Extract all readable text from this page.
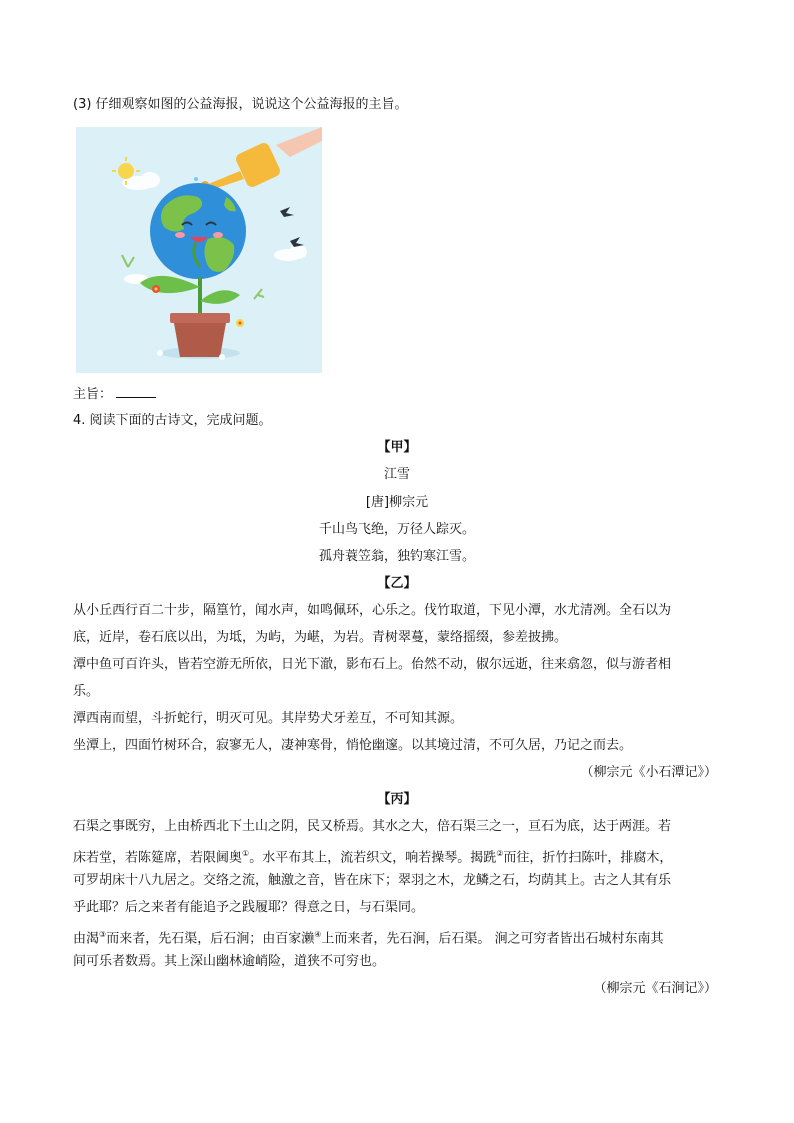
(3) 仔细观察如图的公益海报，说说这个公益海报的主旨。
主旨：
4. 阅读下面的古诗文，完成问题。
【甲】
江雪
[唐]柳宗元
千山鸟飞绝，万径人踪灭。
孤舟蓑笠翁，独钓寒江雪。
【乙】
从小丘西行百二十步，隔篁竹，闻水声，如鸣佩环，心乐之。伐竹取道，下见小潭，水尤清冽。全石以为
底，近岸，卷石底以出，为坻，为屿，为嵁，为岩。青树翠蔓，蒙络摇缀，参差披拂。
潭中鱼可百许头，皆若空游无所依，日光下澈，影布石上。佁然不动，俶尔远逝，往来翕忽，似与游者相
乐。
潭西南而望，斗折蛇行，明灭可见。其岸势犬牙差互，不可知其源。
坐潭上，四面竹树环合，寂寥无人，凄神寒骨，悄怆幽邃。以其境过清，不可久居，乃记之而去。
（柳宗元《小石潭记》）
【丙】
石渠之事既穷，上由桥西北下土山之阴，民又桥焉。其水之大，倍石渠三之一，亘石为底，达于两涯。若
床若堂，若陈筵席，若限阃奥①。水平布其上，流若织文，响若操琴。揭跣②而往，折竹扫陈叶，排腐木，
可罗胡床十八九居之。交络之流，触激之音，皆在床下；翠羽之木，龙鳞之石，均荫其上。古之人其有乐
乎此耶？后之来者有能追予之践履耶？得意之日，与石渠同。
由渴③而来者，先石渠，后石涧；由百家濑④上而来者，先石涧，后石渠。 涧之可穷者皆出石城村东南其
间可乐者数焉。其上深山幽林逾峭险，道狭不可穷也。
（柳宗元《石涧记》）
